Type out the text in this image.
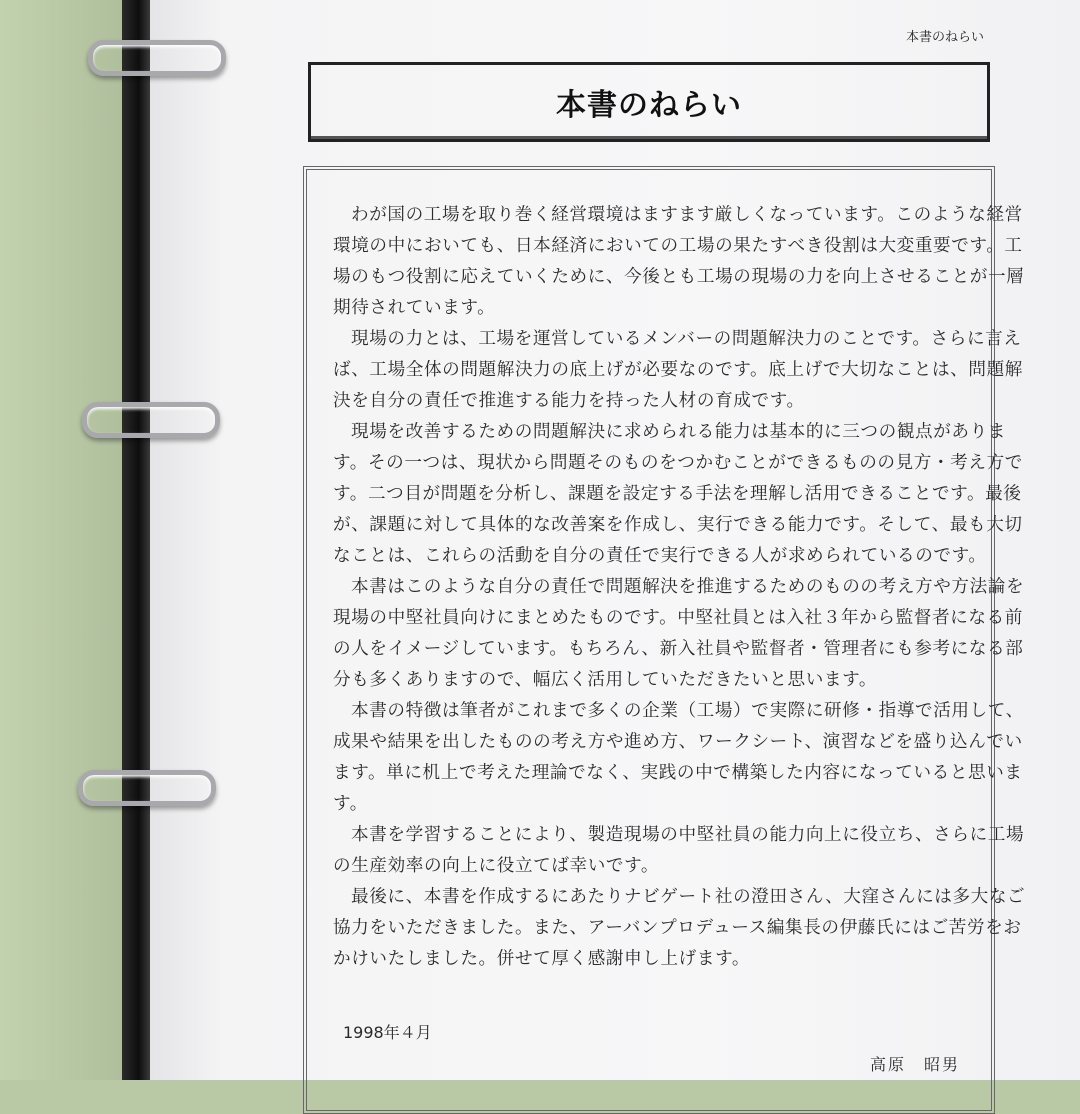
本書のねらい
本書のねらい
わが国の工場を取り巻く経営環境はますます厳しくなっています。このような経営
環境の中においても、日本経済においての工場の果たすべき役割は大変重要です。工
場のもつ役割に応えていくために、今後とも工場の現場の力を向上させることが一層
期待されています。
現場の力とは、工場を運営しているメンバーの問題解決力のことです。さらに言え
ば、工場全体の問題解決力の底上げが必要なのです。底上げで大切なことは、問題解
決を自分の責任で推進する能力を持った人材の育成です。
現場を改善するための問題解決に求められる能力は基本的に三つの観点がありま
す。その一つは、現状から問題そのものをつかむことができるものの見方・考え方で
す。二つ目が問題を分析し、課題を設定する手法を理解し活用できることです。最後
が、課題に対して具体的な改善案を作成し、実行できる能力です。そして、最も大切
なことは、これらの活動を自分の責任で実行できる人が求められているのです。
本書はこのような自分の責任で問題解決を推進するためのものの考え方や方法論を
現場の中堅社員向けにまとめたものです。中堅社員とは入社３年から監督者になる前
の人をイメージしています。もちろん、新入社員や監督者・管理者にも参考になる部
分も多くありますので、幅広く活用していただきたいと思います。
本書の特徴は筆者がこれまで多くの企業（工場）で実際に研修・指導で活用して、
成果や結果を出したものの考え方や進め方、ワークシート、演習などを盛り込んでい
ます。単に机上で考えた理論でなく、実践の中で構築した内容になっていると思いま
す。
本書を学習することにより、製造現場の中堅社員の能力向上に役立ち、さらに工場
の生産効率の向上に役立てば幸いです。
最後に、本書を作成するにあたりナビゲート社の澄田さん、大窪さんには多大なご
協力をいただきました。また、アーバンプロデュース編集長の伊藤氏にはご苦労をお
かけいたしました。併せて厚く感謝申し上げます。
1998年４月
高原　昭男
